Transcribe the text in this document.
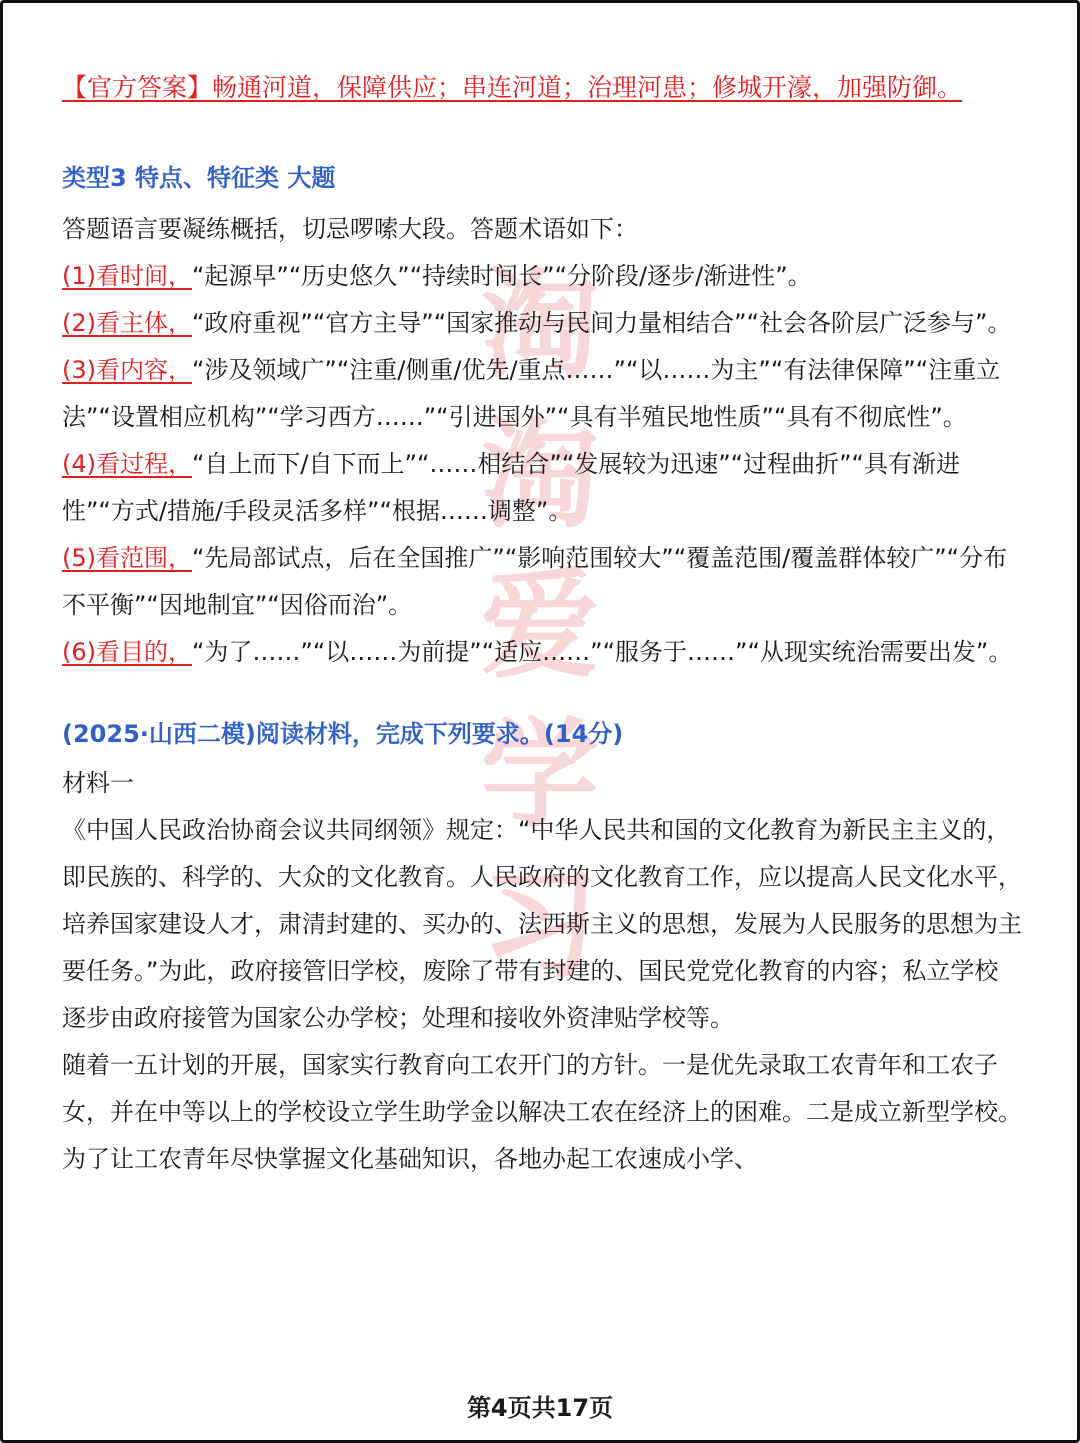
淘淘爱学习
【官方答案】畅通河道，保障供应；串连河道；治理河患；修城开濠，加强防御。
类型3 特点、特征类 大题
答题语言要凝练概括，切忌啰嗦大段。答题术语如下：
(1)看时间，“起源早”“历史悠久”“持续时间长”“分阶段/逐步/渐进性”。
(2)看主体，“政府重视”“官方主导”“国家推动与民间力量相结合”“社会各阶层广泛参与”。
(3)看内容，“涉及领域广”“注重/侧重/优先/重点……”“以……为主”“有法律保障”“注重立法”“设置相应机构”“学习西方……”“引进国外”“具有半殖民地性质”“具有不彻底性”。
(4)看过程，“自上而下/自下而上”“……相结合”“发展较为迅速”“过程曲折”“具有渐进性”“方式/措施/手段灵活多样”“根据……调整”。
(5)看范围，“先局部试点，后在全国推广”“影响范围较大”“覆盖范围/覆盖群体较广”“分布不平衡”“因地制宜”“因俗而治”。
(6)看目的，“为了……”“以……为前提”“适应……”“服务于……”“从现实统治需要出发”。
(2025·山西二模)阅读材料，完成下列要求。(14分)
材料一
《中国人民政治协商会议共同纲领》规定：“中华人民共和国的文化教育为新民主主义的，即民族的、科学的、大众的文化教育。人民政府的文化教育工作，应以提高人民文化水平，培养国家建设人才，肃清封建的、买办的、法西斯主义的思想，发展为人民服务的思想为主要任务。”为此，政府接管旧学校，废除了带有封建的、国民党党化教育的内容；私立学校逐步由政府接管为国家公办学校；处理和接收外资津贴学校等。
随着一五计划的开展，国家实行教育向工农开门的方针。一是优先录取工农青年和工农子女，并在中等以上的学校设立学生助学金以解决工农在经济上的困难。二是成立新型学校。为了让工农青年尽快掌握文化基础知识，各地办起工农速成小学、
第4页共17页
